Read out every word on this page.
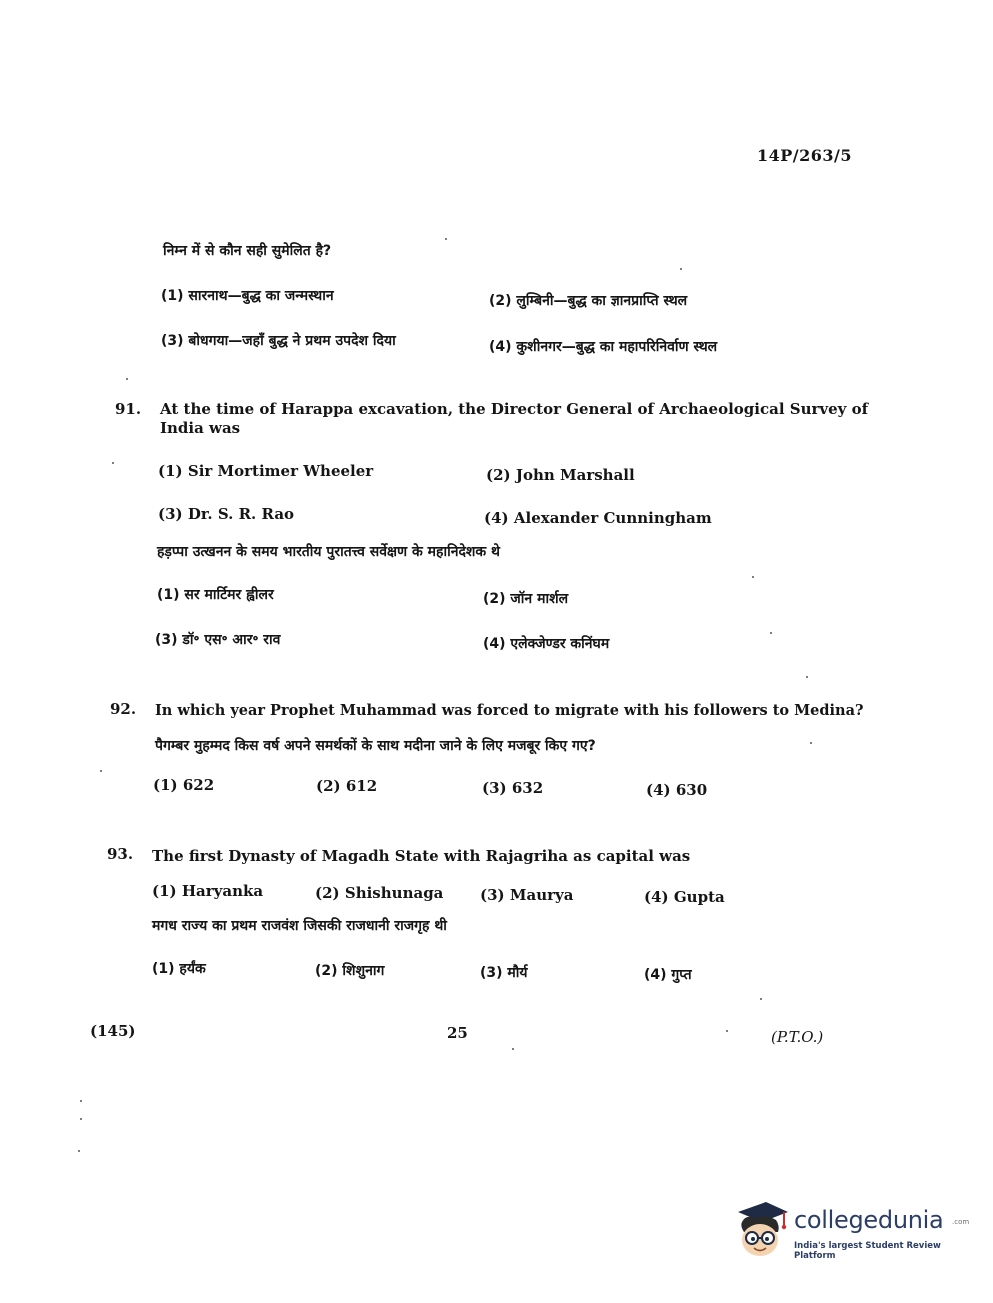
14P/263/5
निम्न में से कौन सही सुमेलित है?
(1) सारनाथ—बुद्ध का जन्मस्थान	(2) लुम्बिनी—बुद्ध का ज्ञानप्राप्ति स्थल
(3) बोधगया—जहाँ बुद्ध ने प्रथम उपदेश दिया	(4) कुशीनगर—बुद्ध का महापरिनिर्वाण स्थल
91. At the time of Harappa excavation, the Director General of Archaeological Survey of
India was
(1) Sir Mortimer Wheeler	(2) John Marshall
(3) Dr. S. R. Rao	(4) Alexander Cunningham
हड़प्पा उत्खनन के समय भारतीय पुरातत्त्व सर्वेक्षण के महानिदेशक थे
(1) सर मार्टिमर ह्वीलर	(2) जॉन मार्शल
(3) डॉ॰ एस॰ आर॰ राव	(4) एलेक्जेण्डर कनिंघम
92. In which year Prophet Muhammad was forced to migrate with his followers to Medina?
पैगम्बर मुहम्मद किस वर्ष अपने समर्थकों के साथ मदीना जाने के लिए मजबूर किए गए?
(1) 622	(2) 612	(3) 632	(4) 630
93. The first Dynasty of Magadh State with Rajagriha as capital was
(1) Haryanka	(2) Shishunaga (3) Maurya	(4) Gupta
मगध राज्य का प्रथम राजवंश जिसकी राजधानी राजगृह थी
(1) हर्यंक	(2) शिशुनाग	(3) मौर्य	(4) गुप्त
(145)	25	(P.T.O.)
collegedunia .com
India's largest Student Review Platform
